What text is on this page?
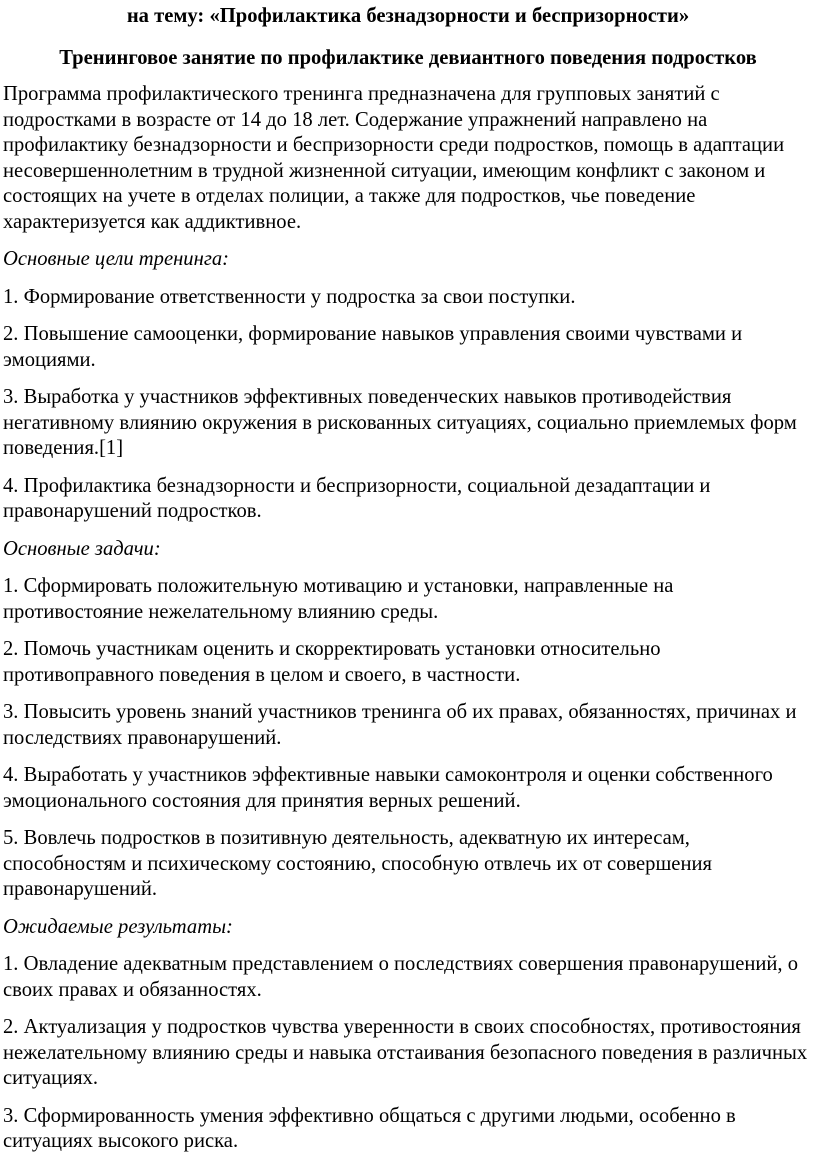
на тему: «Профилактика безнадзорности и беспризорности»
Тренинговое занятие по профилактике девиантного поведения подростков

Программа профилактического тренинга предназначена для групповых занятий с подростками в возрасте от 14 до 18 лет. Содержание упражнений направлено на профилактику безнадзорности и беспризорности среди подростков, помощь в адаптации несовершеннолетним в трудной жизненной ситуации, имеющим конфликт с законом и состоящих на учете в отделах полиции, а также для подростков, чье поведение характеризуется как аддиктивное.

Основные цели тренинга:

1. Формирование ответственности у подростка за свои поступки.

2. Повышение самооценки, формирование навыков управления своими чувствами и эмоциями.

3. Выработка у участников эффективных поведенческих навыков противодействия негативному влиянию окружения в рискованных ситуациях, социально приемлемых форм поведения.[1]

4. Профилактика безнадзорности и беспризорности, социальной дезадаптации и правонарушений подростков.

Основные задачи:

1. Сформировать положительную мотивацию и установки, направленные на противостояние нежелательному влиянию среды.

2. Помочь участникам оценить и скорректировать установки относительно противоправного поведения в целом и своего, в частности.

3. Повысить уровень знаний участников тренинга об их правах, обязанностях, причинах и последствиях правонарушений.

4. Выработать у участников эффективные навыки самоконтроля и оценки собственного эмоционального состояния для принятия верных решений.

5. Вовлечь подростков в позитивную деятельность, адекватную их интересам, способностям и психическому состоянию, способную отвлечь их от совершения правонарушений.

Ожидаемые результаты:

1. Овладение адекватным представлением о последствиях совершения правонарушений, о своих правах и обязанностях.

2. Актуализация у подростков чувства уверенности в своих способностях, противостояния нежелательному влиянию среды и навыка отстаивания безопасного поведения в различных ситуациях.

3. Сформированность умения эффективно общаться с другими людьми, особенно в ситуациях высокого риска.
